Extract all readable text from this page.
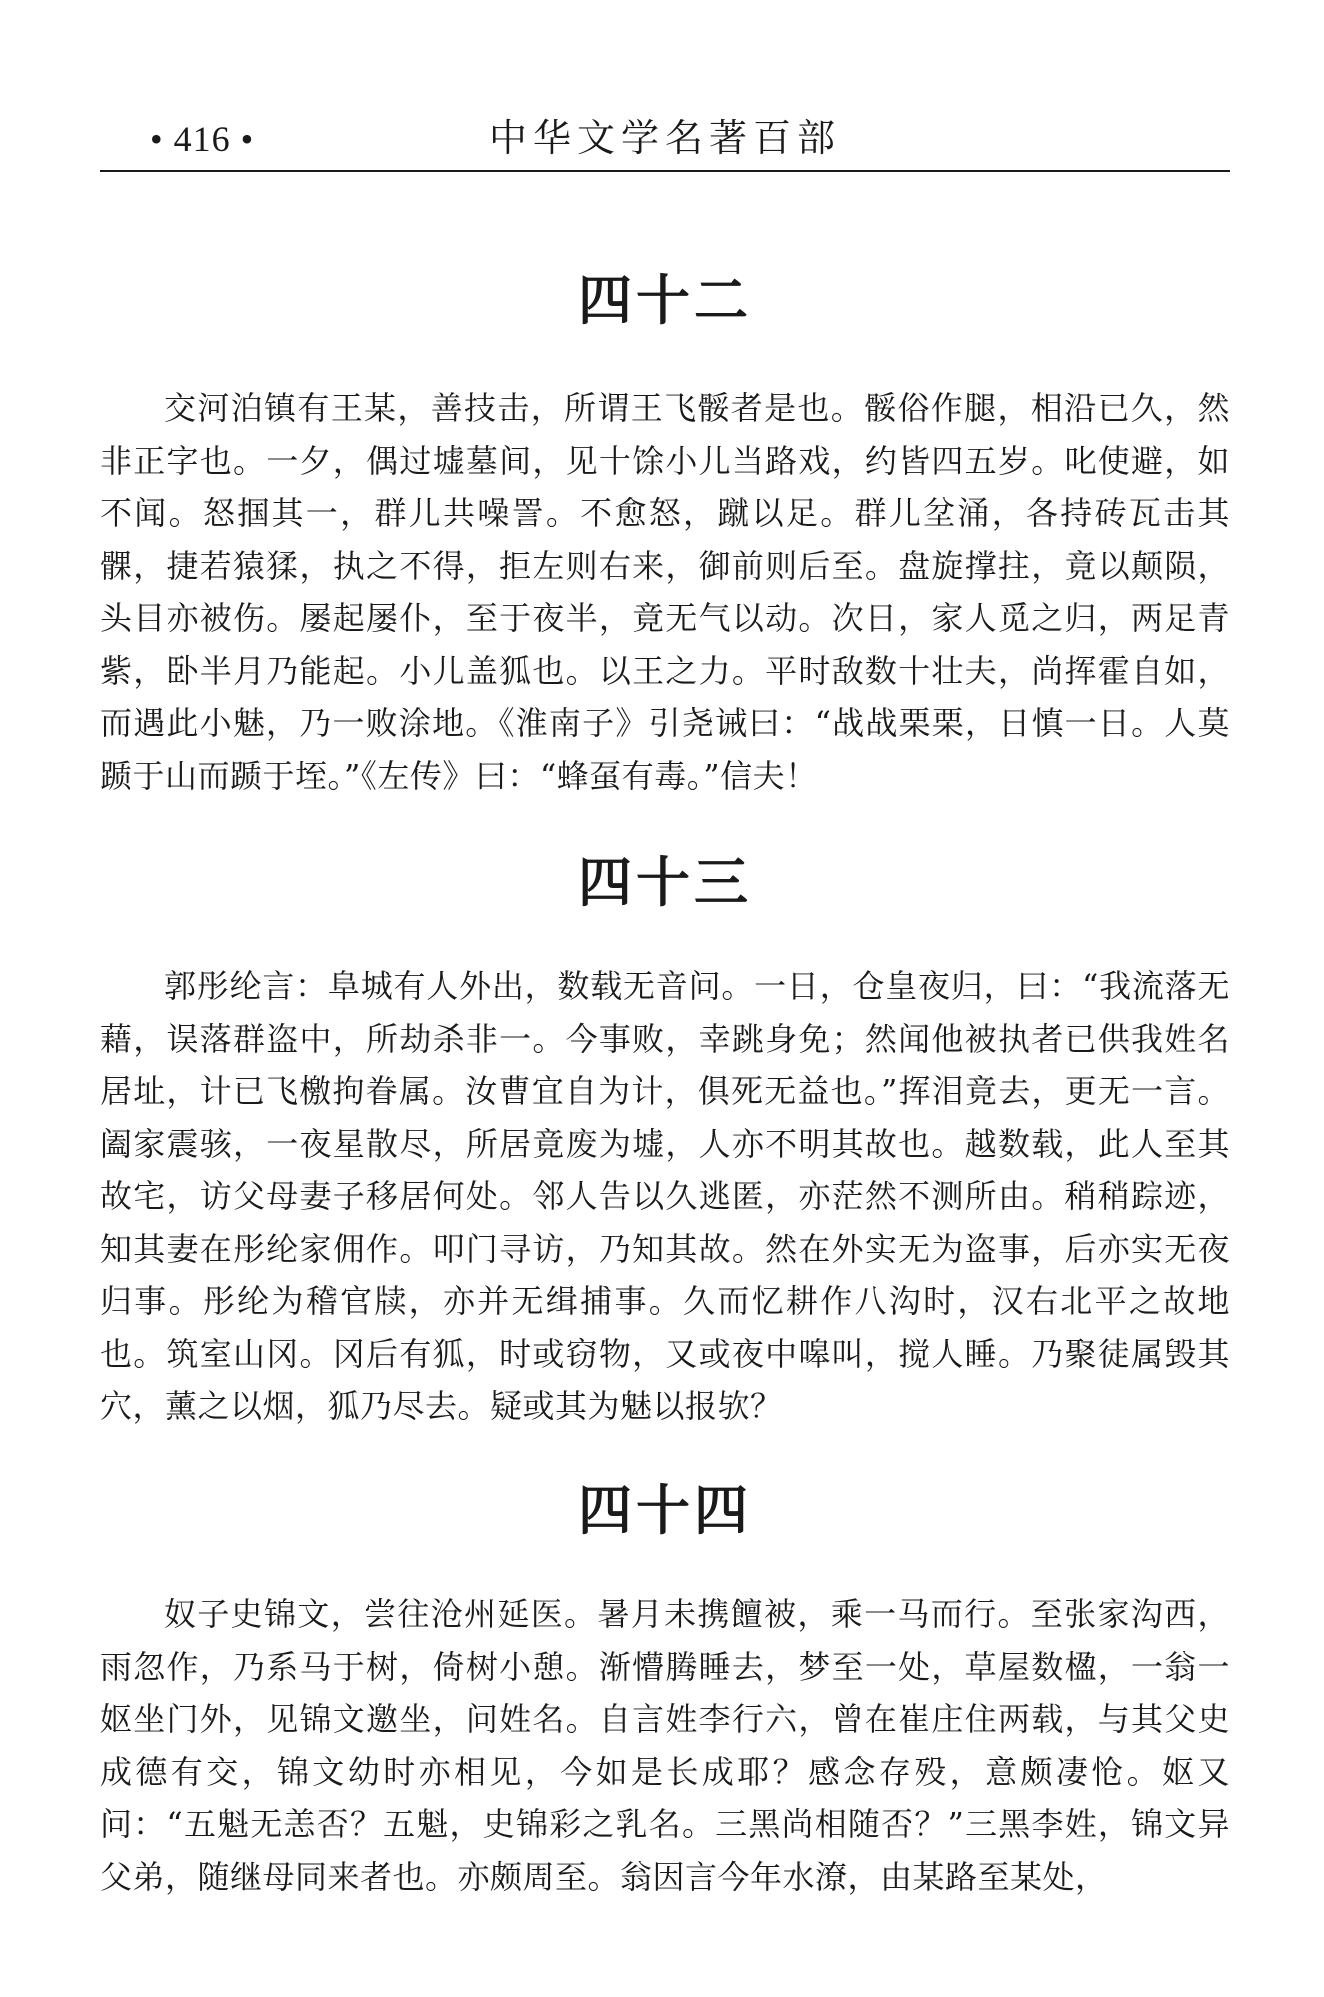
• 416 •	中华文学名著百部
四十二

交河泊镇有王某，善技击，所谓王飞骽者是也。骽俗作腿，相沿已久，然非正字也。一夕，偶过墟墓间，见十馀小儿当路戏，约皆四五岁。叱使避，如不闻。怒掴其一，群儿共噪詈。不愈怒，蹴以足。群儿坌涌，各持砖瓦击其髁，捷若猿猱，执之不得，拒左则右来，御前则后至。盘旋撑拄，竟以颠陨，头目亦被伤。屡起屡仆，至于夜半，竟无气以动。次日，家人觅之归，两足青紫，卧半月乃能起。小儿盖狐也。以王之力。平时敌数十壮夫，尚挥霍自如，而遇此小魅，乃一败涂地。《淮南子》引尧诫曰：“战战栗栗，日慎一日。人莫踬于山而踬于垤。”《左传》曰：“蜂虿有毒。”信夫！

四十三

郭彤纶言：阜城有人外出，数载无音问。一日，仓皇夜归，曰：“我流落无藉，误落群盗中，所劫杀非一。今事败，幸跳身免；然闻他被执者已供我姓名居址，计已飞檄拘眷属。汝曹宜自为计，俱死无益也。”挥泪竟去，更无一言。阖家震骇，一夜星散尽，所居竟废为墟，人亦不明其故也。越数载，此人至其故宅，访父母妻子移居何处。邻人告以久逃匿，亦茫然不测所由。稍稍踪迹，知其妻在彤纶家佣作。叩门寻访，乃知其故。然在外实无为盗事，后亦实无夜归事。彤纶为稽官牍，亦并无缉捕事。久而忆耕作八沟时，汉右北平之故地也。筑室山冈。冈后有狐，时或窃物，又或夜中嗥叫，搅人睡。乃聚徒属毁其穴，薰之以烟，狐乃尽去。疑或其为魅以报欤？

四十四

奴子史锦文，尝往沧州延医。暑月未携饘被，乘一马而行。至张家沟西，雨忽作，乃系马于树，倚树小憩。渐懵腾睡去，梦至一处，草屋数楹，一翁一妪坐门外，见锦文邀坐，问姓名。自言姓李行六，曾在崔庄住两载，与其父史成德有交，锦文幼时亦相见，今如是长成耶？感念存殁，意颇凄怆。妪又问：“五魁无恙否？五魁，史锦彩之乳名。三黑尚相随否？”三黑李姓，锦文异父弟，随继母同来者也。亦颇周至。翁因言今年水潦，由某路至某处，
